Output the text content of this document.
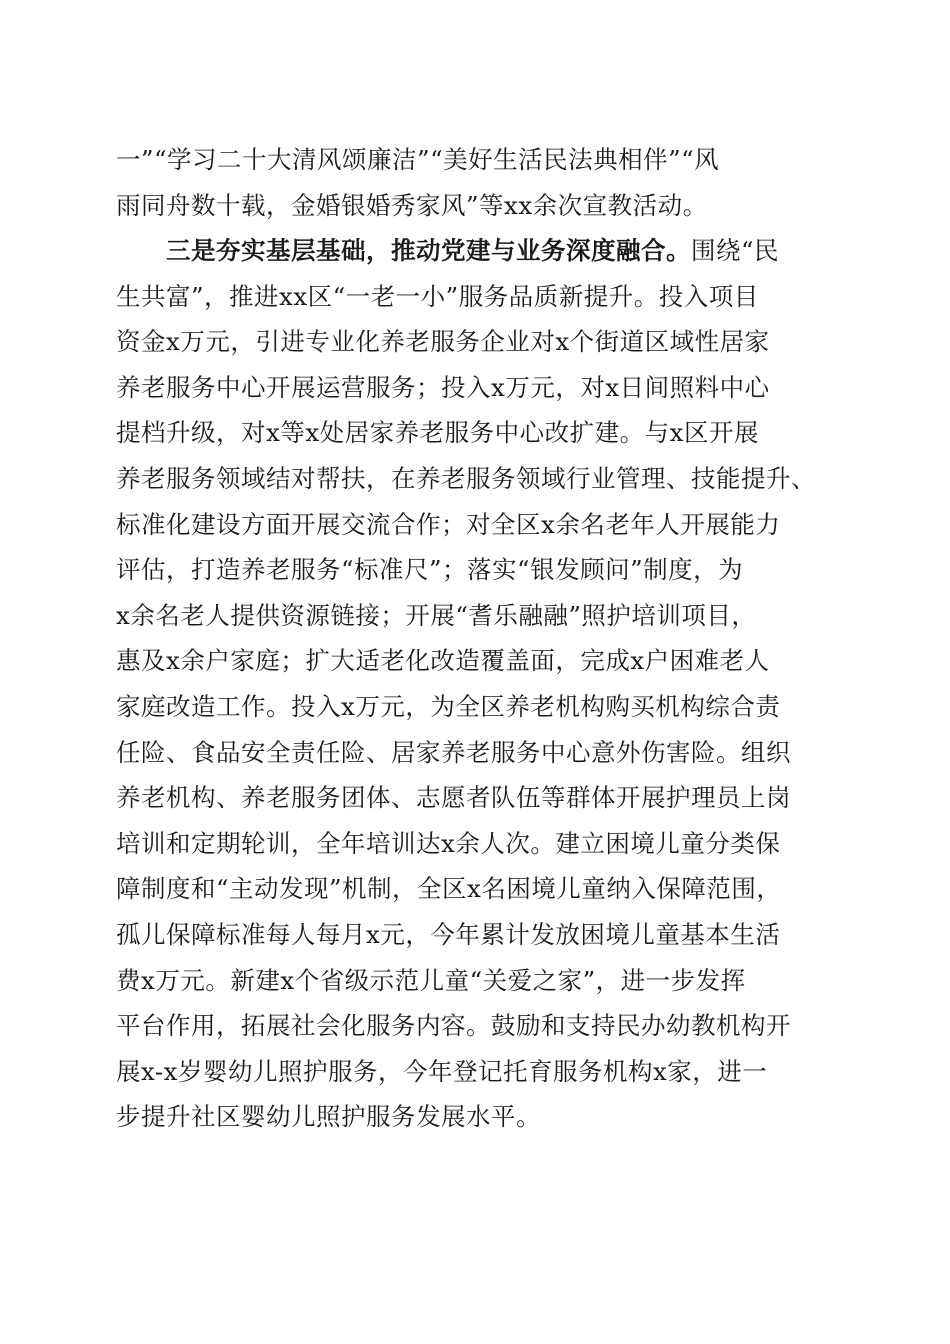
一”“学习二十大清风颂廉洁”“美好生活民法典相伴”“风
雨同舟数十载，金婚银婚秀家风”等xx余次宣教活动。
三是夯实基层基础，推动党建与业务深度融合。围绕“民
生共富”，推进xx区“一老一小”服务品质新提升。投入项目
资金x万元，引进专业化养老服务企业对x个街道区域性居家
养老服务中心开展运营服务；投入x万元，对x日间照料中心
提档升级，对x等x处居家养老服务中心改扩建。与x区开展
养老服务领域结对帮扶，在养老服务领域行业管理、技能提升、
标准化建设方面开展交流合作；对全区x余名老年人开展能力
评估，打造养老服务“标准尺”；落实“银发顾问”制度，为
x余名老人提供资源链接；开展“耆乐融融”照护培训项目，
惠及x余户家庭；扩大适老化改造覆盖面，完成x户困难老人
家庭改造工作。投入x万元，为全区养老机构购买机构综合责
任险、食品安全责任险、居家养老服务中心意外伤害险。组织
养老机构、养老服务团体、志愿者队伍等群体开展护理员上岗
培训和定期轮训，全年培训达x余人次。建立困境儿童分类保
障制度和“主动发现”机制，全区x名困境儿童纳入保障范围，
孤儿保障标准每人每月x元，今年累计发放困境儿童基本生活
费x万元。新建x个省级示范儿童“关爱之家”，进一步发挥
平台作用，拓展社会化服务内容。鼓励和支持民办幼教机构开
展x-x岁婴幼儿照护服务，今年登记托育服务机构x家，进一
步提升社区婴幼儿照护服务发展水平。
